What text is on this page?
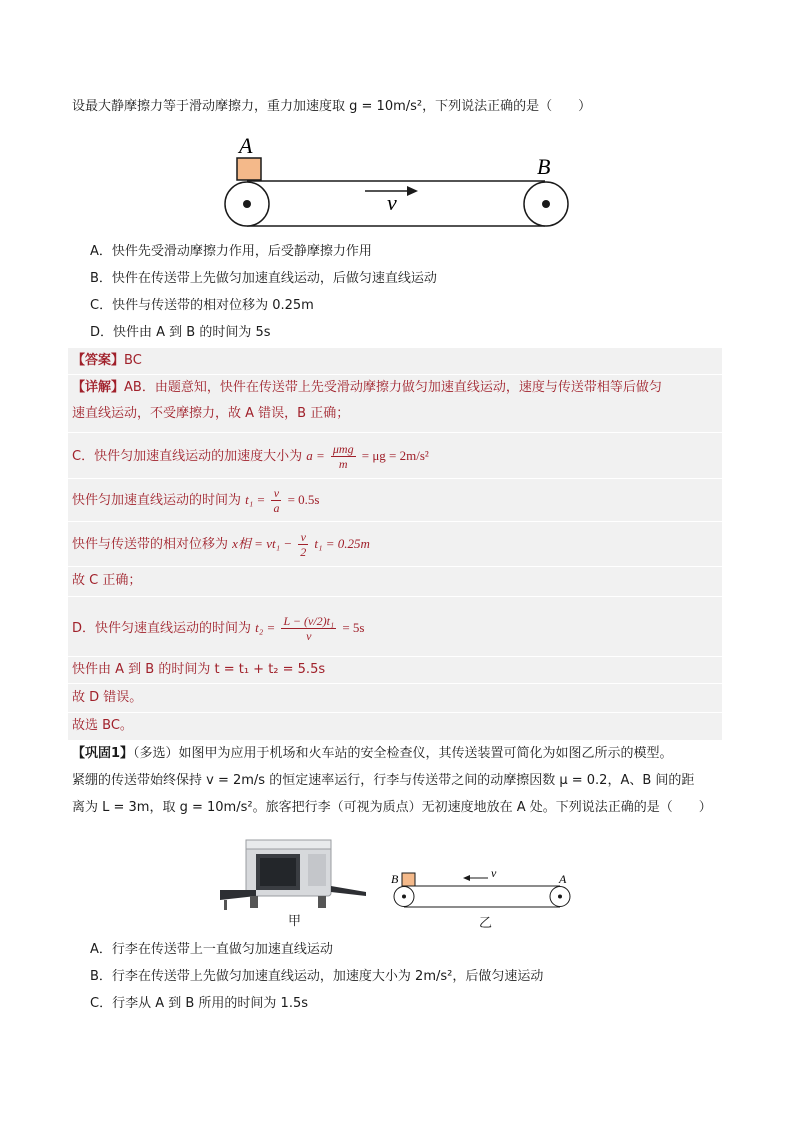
设最大静摩擦力等于滑动摩擦力，重力加速度取 g = 10m/s²，下列说法正确的是（　　）
A
B
v
A．快件先受滑动摩擦力作用，后受静摩擦力作用
B．快件在传送带上先做匀加速直线运动，后做匀速直线运动
C．快件与传送带的相对位移为 0.25m
D．快件由 A 到 B 的时间为 5s
【答案】BC
【详解】AB．由题意知，快件在传送带上先受滑动摩擦力做匀加速直线运动，速度与传送带相等后做匀
速直线运动，不受摩擦力，故 A 错误，B 正确；
C．快件匀加速直线运动的加速度大小为 $a = \frac{\text{μmg}}{m} = \mu g = 2m/s^2$
快件匀加速直线运动的时间为 $t_1 = \frac{v}{a} = 0.5s$
快件与传送带的相对位移为 x相 = $vt_1 - \frac{v}{2} t_1 = 0.25m$
故 C 正确；
D．快件匀速直线运动的时间为 $t_2 = \frac{\text{L − (v/2)t₁}}{v} = 5s$
快件由 A 到 B 的时间为 t = t₁ + t₂ = 5.5s
故 D 错误。
故选 BC。
【巩固1】（多选）如图甲为应用于机场和火车站的安全检查仪，其传送装置可简化为如图乙所示的模型。
紧绷的传送带始终保持 v = 2m/s 的恒定速率运行，行李与传送带之间的动摩擦因数 μ = 0.2，A、B 间的距
离为 L = 3m，取 g = 10m/s²。旅客把行李（可视为质点）无初速度地放在 A 处。下列说法正确的是（　　）
甲
B	v	A
乙
A．行李在传送带上一直做匀加速直线运动
B．行李在传送带上先做匀加速直线运动，加速度大小为 2m/s²，后做匀速运动
C．行李从 A 到 B 所用的时间为 1.5s
